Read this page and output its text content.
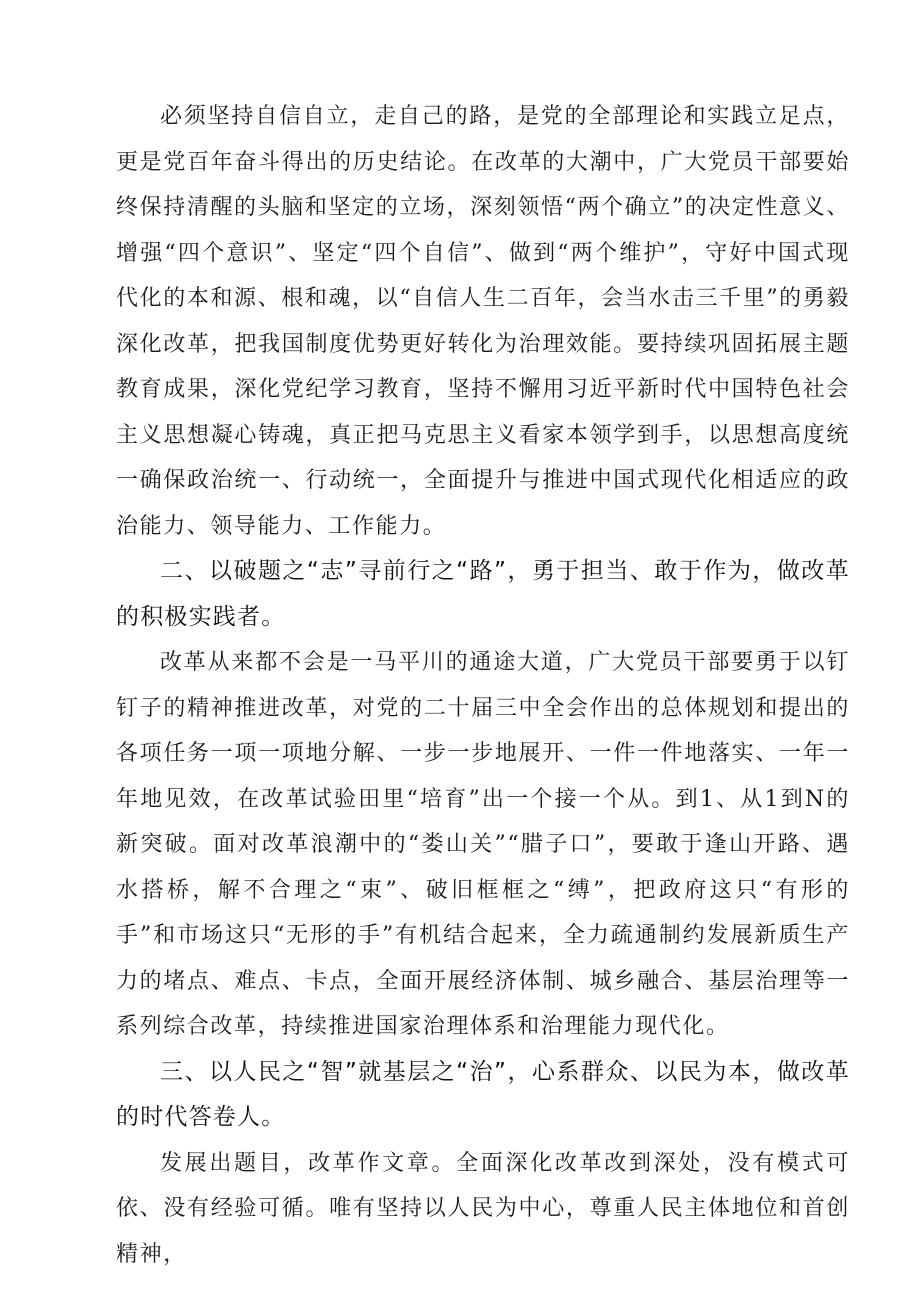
必须坚持自信自立，走自己的路，是党的全部理论和实践立足点，更是党百年奋斗得出的历史结论。在改革的大潮中，广大党员干部要始终保持清醒的头脑和坚定的立场，深刻领悟“两个确立”的决定性意义、增强“四个意识”、坚定“四个自信”、做到“两个维护”，守好中国式现代化的本和源、根和魂，以“自信人生二百年，会当水击三千里”的勇毅深化改革，把我国制度优势更好转化为治理效能。要持续巩固拓展主题教育成果，深化党纪学习教育，坚持不懈用习近平新时代中国特色社会主义思想凝心铸魂，真正把马克思主义看家本领学到手，以思想高度统一确保政治统一、行动统一，全面提升与推进中国式现代化相适应的政治能力、领导能力、工作能力。

二、以破题之“志”寻前行之“路”，勇于担当、敢于作为，做改革的积极实践者。

改革从来都不会是一马平川的通途大道，广大党员干部要勇于以钉钉子的精神推进改革，对党的二十届三中全会作出的总体规划和提出的各项任务一项一项地分解、一步一步地展开、一件一件地落实、一年一年地见效，在改革试验田里“培育”出一个接一个从。到1、从1到N的新突破。面对改革浪潮中的“娄山关”“腊子口”，要敢于逢山开路、遇水搭桥，解不合理之“束”、破旧框框之“缚”，把政府这只“有形的手”和市场这只“无形的手”有机结合起来，全力疏通制约发展新质生产力的堵点、难点、卡点，全面开展经济体制、城乡融合、基层治理等一系列综合改革，持续推进国家治理体系和治理能力现代化。

三、以人民之“智”就基层之“治”，心系群众、以民为本，做改革的时代答卷人。

发展出题目，改革作文章。全面深化改革改到深处，没有模式可依、没有经验可循。唯有坚持以人民为中心，尊重人民主体地位和首创精神，
